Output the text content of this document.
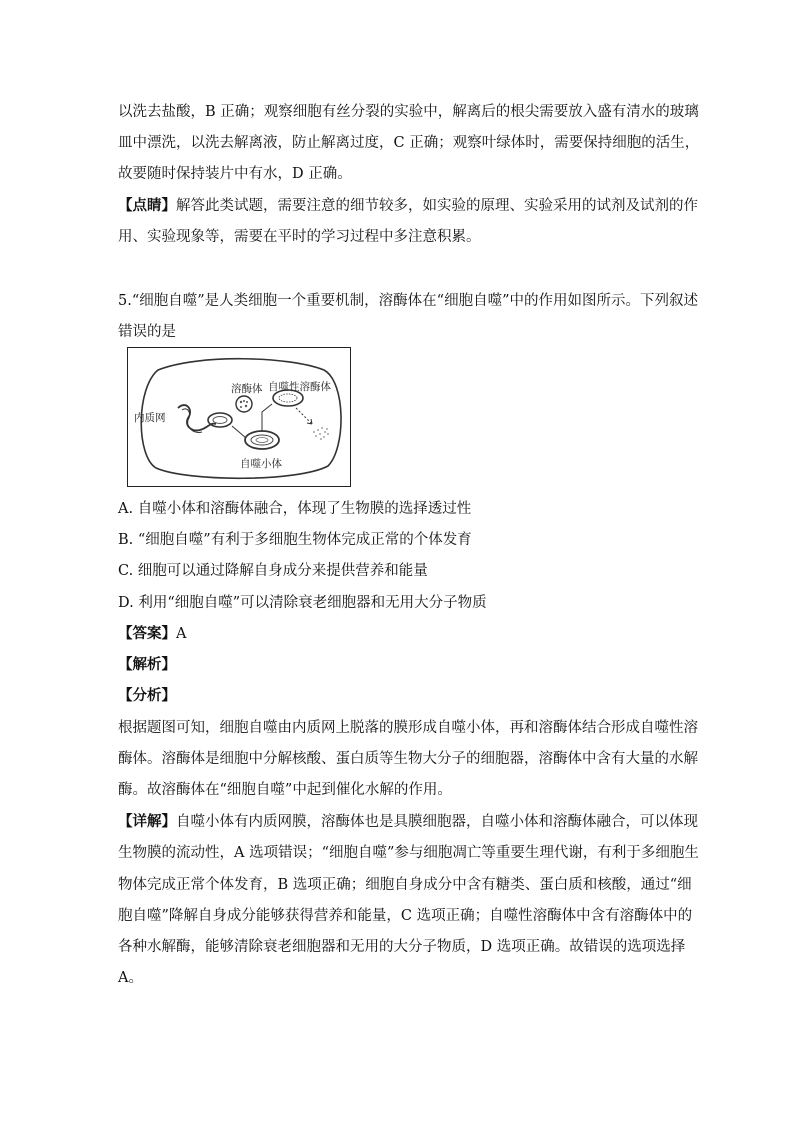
以洗去盐酸，B 正确；观察细胞有丝分裂的实验中，解离后的根尖需要放入盛有清水的玻璃
皿中漂洗，以洗去解离液，防止解离过度，C 正确；观察叶绿体时，需要保持细胞的活生，
故要随时保持装片中有水，D 正确。
【点睛】解答此类试题，需要注意的细节较多，如实验的原理、实验采用的试剂及试剂的作
用、实验现象等，需要在平时的学习过程中多注意积累。
5.“细胞自噬”是人类细胞一个重要机制，溶酶体在“细胞自噬”中的作用如图所示。下列叙述
错误的是
内质网
溶酶体 自噬性溶酶体
自噬小体
A. 自噬小体和溶酶体融合，体现了生物膜的选择透过性
B. “细胞自噬”有利于多细胞生物体完成正常的个体发育
C. 细胞可以通过降解自身成分来提供营养和能量
D. 利用“细胞自噬”可以清除衰老细胞器和无用大分子物质
【答案】A
【解析】
【分析】
根据题图可知，细胞自噬由内质网上脱落的膜形成自噬小体，再和溶酶体结合形成自噬性溶
酶体。溶酶体是细胞中分解核酸、蛋白质等生物大分子的细胞器，溶酶体中含有大量的水解
酶。故溶酶体在“细胞自噬”中起到催化水解的作用。
【详解】自噬小体有内质网膜，溶酶体也是具膜细胞器，自噬小体和溶酶体融合，可以体现
生物膜的流动性，A 选项错误；“细胞自噬”参与细胞凋亡等重要生理代谢，有利于多细胞生
物体完成正常个体发育，B 选项正确；细胞自身成分中含有糖类、蛋白质和核酸，通过“细
胞自噬”降解自身成分能够获得营养和能量，C 选项正确；自噬性溶酶体中含有溶酶体中的
各种水解酶，能够清除衰老细胞器和无用的大分子物质，D 选项正确。故错误的选项选择
A。
